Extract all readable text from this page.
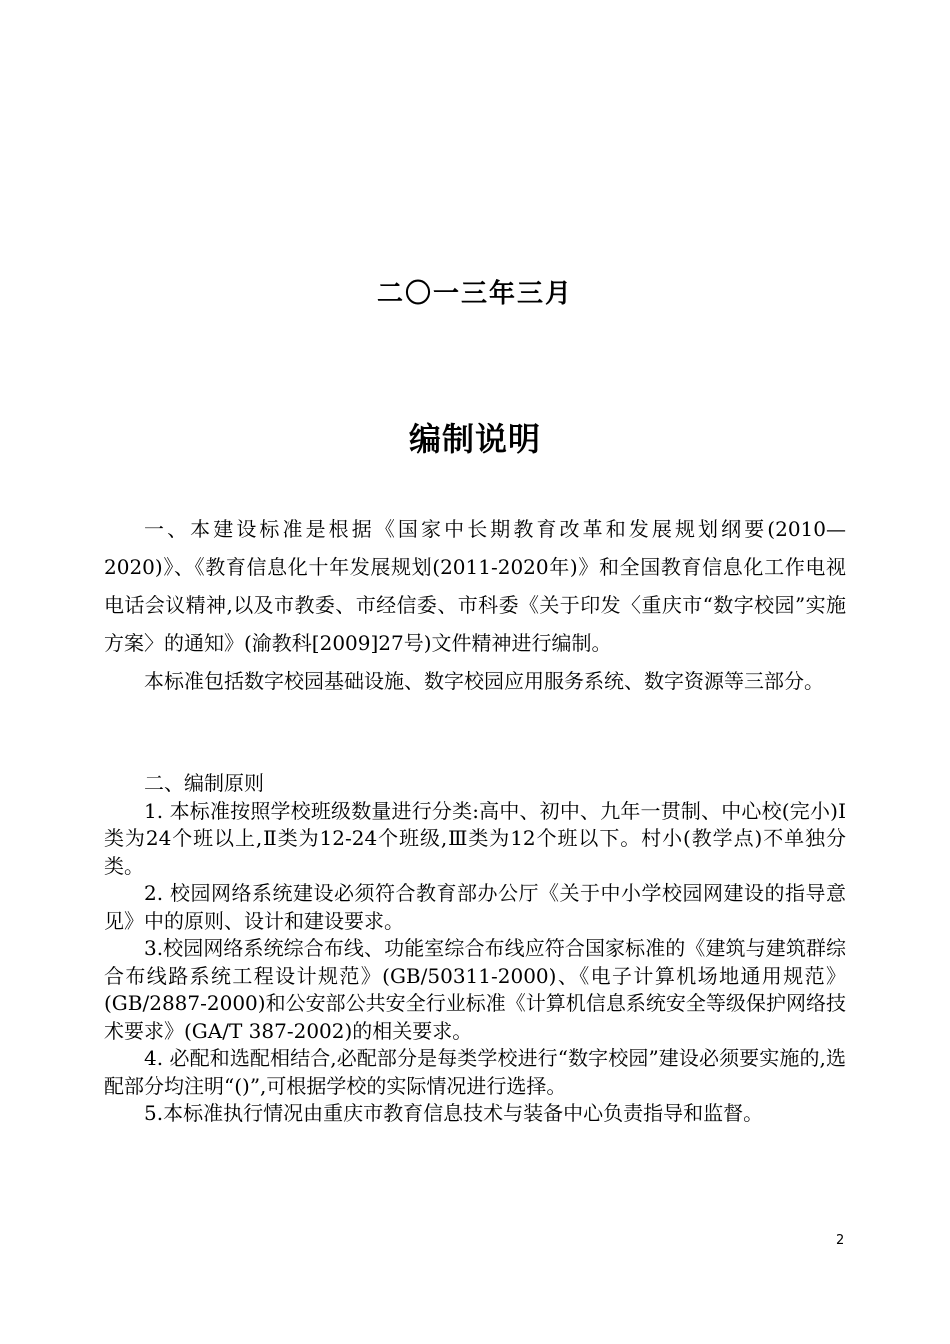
二〇一三年三月
编制说明

一、本建设标准是根据《国家中长期教育改革和发展规划纲要(2010—2020)》、《教育信息化十年发展规划(2011-2020年)》和全国教育信息化工作电视电话会议精神,以及市教委、市经信委、市科委《关于印发〈重庆市“数字校园”实施方案〉的通知》(渝教科[2009]27号)文件精神进行编制。

本标准包括数字校园基础设施、数字校园应用服务系统、数字资源等三部分。

二、编制原则

1. 本标准按照学校班级数量进行分类:高中、初中、九年一贯制、中心校(完小)Ⅰ类为24个班以上,Ⅱ类为12-24个班级,Ⅲ类为12个班以下。村小(教学点)不单独分类。

2. 校园网络系统建设必须符合教育部办公厅《关于中小学校园网建设的指导意见》中的原则、设计和建设要求。

3.校园网络系统综合布线、功能室综合布线应符合国家标准的《建筑与建筑群综合布线路系统工程设计规范》(GB/50311-2000)、《电子计算机场地通用规范》(GB/2887-2000)和公安部公共安全行业标准《计算机信息系统安全等级保护网络技术要求》(GA/T 387-2002)的相关要求。

4. 必配和选配相结合,必配部分是每类学校进行“数字校园”建设必须要实施的,选配部分均注明“()”,可根据学校的实际情况进行选择。

5.本标准执行情况由重庆市教育信息技术与装备中心负责指导和监督。

2
